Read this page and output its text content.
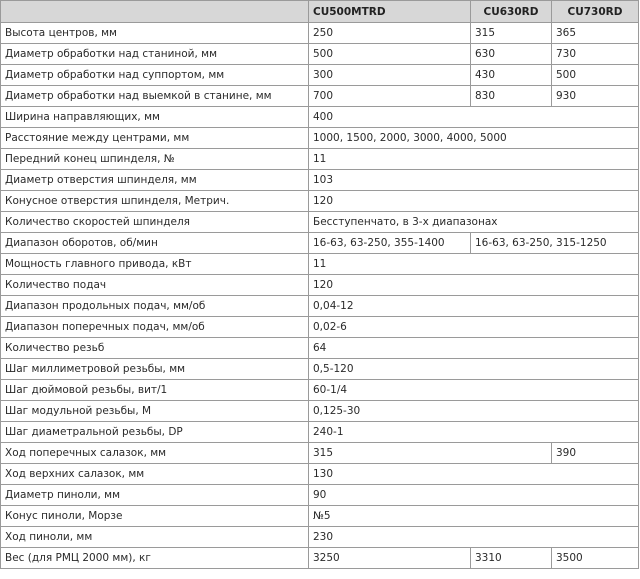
	CU500MTRD	CU630RD	CU730RD
Высота центров, мм	250	315	365
Диаметр обработки над станиной, мм	500	630	730
Диаметр обработки над суппортом, мм	300	430	500
Диаметр обработки над выемкой в станине, мм	700	830	930
Ширина направляющих, мм	400		
Расстояние между центрами, мм	1000, 1500, 2000, 3000, 4000, 5000		
Передний конец шпинделя, №	11		
Диаметр отверстия шпинделя, мм	103		
Конусное отверстия шпинделя, Метрич.	120		
Количество скоростей шпинделя	Бесступенчато, в 3-х диапазонах		
Диапазон оборотов, об/мин	16-63, 63-250, 355-1400	16-63, 63-250, 315-1250	
Мощность главного привода, кВт	11		
Количество подач	120		
Диапазон продольных подач, мм/об	0,04-12		
Диапазон поперечных подач, мм/об	0,02-6		
Количество резьб	64		
Шаг миллиметровой резьбы, мм	0,5-120		
Шаг дюймовой резьбы, вит/1	60-1/4		
Шаг модульной резьбы, М	0,125-30		
Шаг диаметральной резьбы, DP	240-1		
Ход поперечных салазок, мм	315		390
Ход верхних салазок, мм	130		
Диаметр пиноли, мм	90		
Конус пиноли, Морзе	№5		
Ход пиноли, мм	230		
Вес (для РМЦ 2000 мм), кг	3250	3310	3500
